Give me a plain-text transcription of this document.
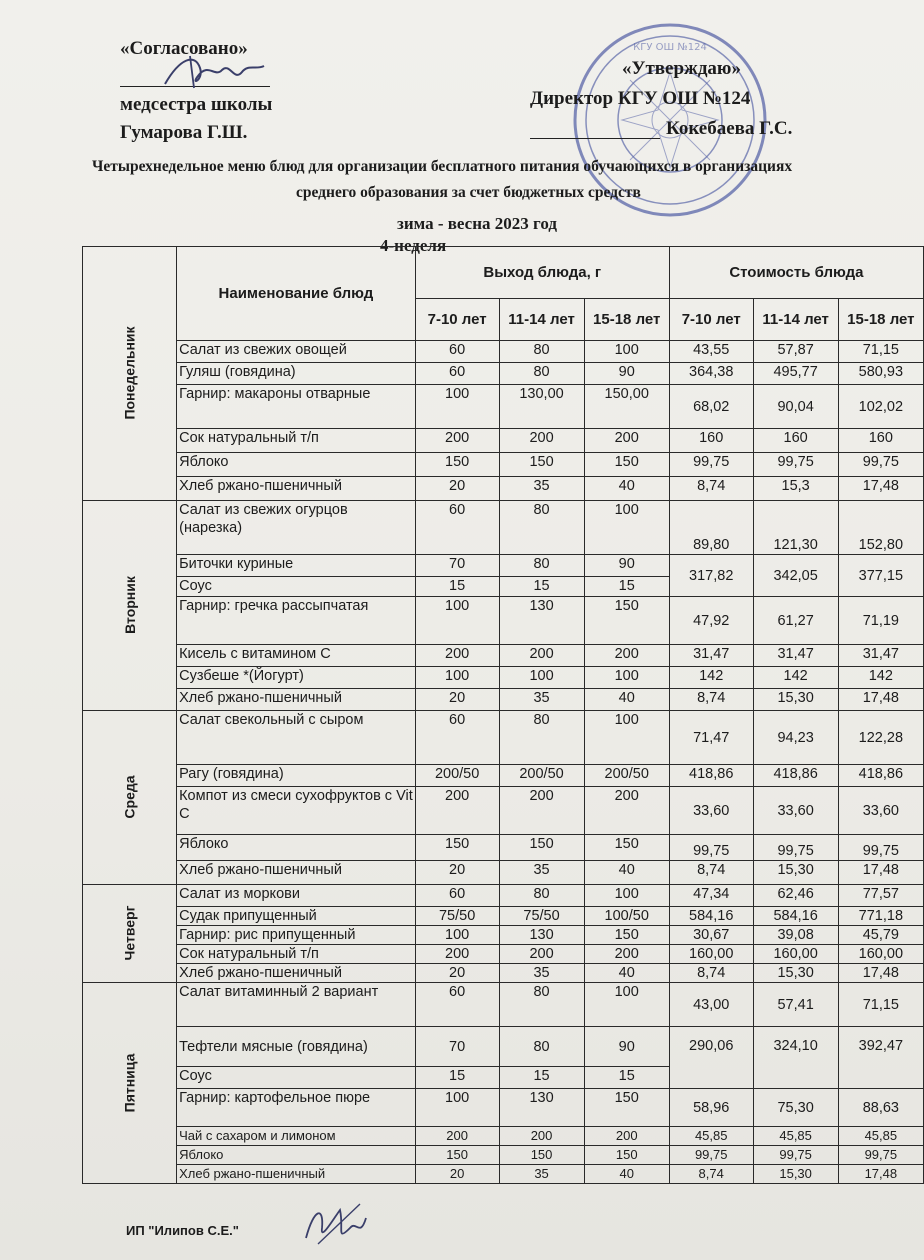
«Согласовано»
медсестра школы
Гумарова Г.Ш.
КГУ ОШ №124
«Утверждаю»
Директор КГУ ОШ №124
Кокебаева Г.С.
Четырехнедельное меню блюд для организации бесплатного питания обучающихся в организациях
среднего образования за счет бюджетных средств
зима - весна 2023 год
4-неделя
Понедельник	Наименование блюд	Выход блюда, г			Стоимость блюда		
		7-10 лет	11-14 лет	15-18 лет	7-10 лет	11-14 лет	15-18 лет
	Салат из свежих овощей	60	80	100	43,55	57,87	71,15
	Гуляш (говядина)	60	80	90	364,38	495,77	580,93
	Гарнир: макароны отварные	100	130,00	150,00	68,02	90,04	102,02
	Сок натуральный т/п	200	200	200	160	160	160
	Яблоко	150	150	150	99,75	99,75	99,75
	Хлеб ржано-пшеничный	20	35	40	8,74	15,3	17,48
Вторник	Салат из свежих огурцов (нарезка)	60	80	100	89,80	121,30	152,80
	Биточки куриные	70	80	90	317,82	342,05	377,15
	Соус	15	15	15			
	Гарнир: гречка рассыпчатая	100	130	150	47,92	61,27	71,19
	Кисель с витамином С	200	200	200	31,47	31,47	31,47
	Сузбеше *(Йогурт)	100	100	100	142	142	142
	Хлеб ржано-пшеничный	20	35	40	8,74	15,30	17,48
Среда	Салат свекольный с сыром	60	80	100	71,47	94,23	122,28
	Рагу (говядина)	200/50	200/50	200/50	418,86	418,86	418,86
	Компот из смеси сухофруктов с Vit C	200	200	200	33,60	33,60	33,60
	Яблоко	150	150	150	99,75	99,75	99,75
	Хлеб ржано-пшеничный	20	35	40	8,74	15,30	17,48
Четверг	Салат из моркови	60	80	100	47,34	62,46	77,57
	Судак припущенный	75/50	75/50	100/50	584,16	584,16	771,18
	Гарнир: рис припущенный	100	130	150	30,67	39,08	45,79
	Сок натуральный т/п	200	200	200	160,00	160,00	160,00
	Хлеб ржано-пшеничный	20	35	40	8,74	15,30	17,48
Пятница	Салат витаминный 2 вариант	60	80	100	43,00	57,41	71,15
	Тефтели мясные (говядина)	70	80	90	290,06	324,10	392,47
	Соус	15	15	15			
	Гарнир: картофельное пюре	100	130	150	58,96	75,30	88,63
	Чай с сахаром и лимоном	200	200	200	45,85	45,85	45,85
	Яблоко	150	150	150	99,75	99,75	99,75
	Хлеб ржано-пшеничный	20	35	40	8,74	15,30	17,48
ИП "Илипов С.Е."
